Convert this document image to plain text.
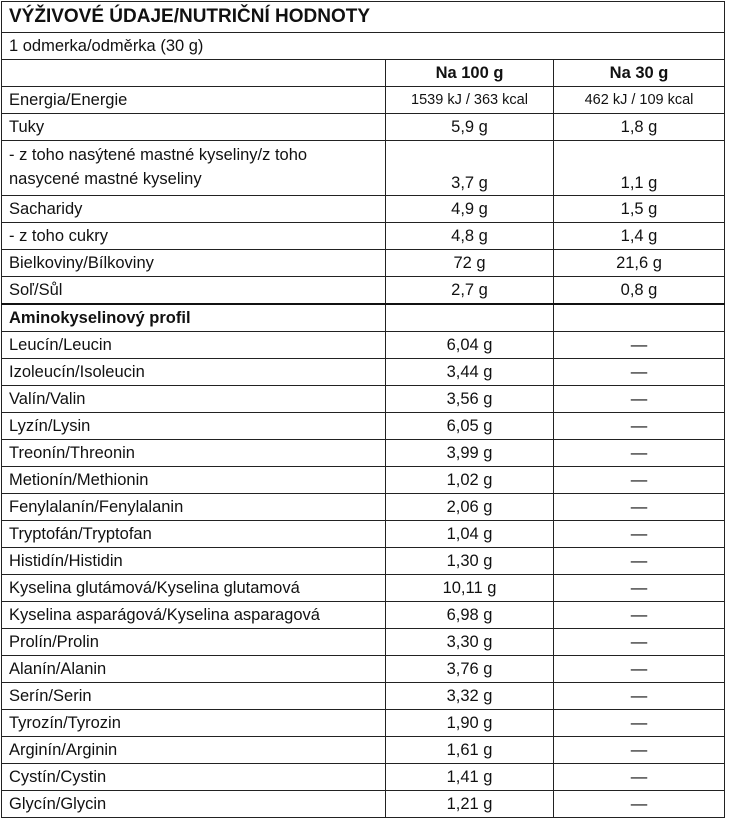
VÝŽIVOVÉ ÚDAJE/NUTRIČNÍ HODNOTY		
1 odmerka/odměrka (30 g)		
	Na 100 g	Na 30 g
Energia/Energie	1539 kJ / 363 kcal	462 kJ / 109 kcal
Tuky	5,9 g	1,8 g
- z toho nasýtené mastné kyseliny/z toho nasycené mastné kyseliny	3,7 g	1,1 g
Sacharidy	4,9 g	1,5 g
- z toho cukry	4,8 g	1,4 g
Bielkoviny/Bílkoviny	72 g	21,6 g
Soľ/Sůl	2,7 g	0,8 g
Aminokyselinový profil		
Leucín/Leucin	6,04 g	—
Izoleucín/Isoleucin	3,44 g	—
Valín/Valin	3,56 g	—
Lyzín/Lysin	6,05 g	—
Treonín/Threonin	3,99 g	—
Metionín/Methionin	1,02 g	—
Fenylalanín/Fenylalanin	2,06 g	—
Tryptofán/Tryptofan	1,04 g	—
Histidín/Histidin	1,30 g	—
Kyselina glutámová/Kyselina glutamová	10,11 g	—
Kyselina asparágová/Kyselina asparagová	6,98 g	—
Prolín/Prolin	3,30 g	—
Alanín/Alanin	3,76 g	—
Serín/Serin	3,32 g	—
Tyrozín/Tyrozin	1,90 g	—
Arginín/Arginin	1,61 g	—
Cystín/Cystin	1,41 g	—
Glycín/Glycin	1,21 g	—
